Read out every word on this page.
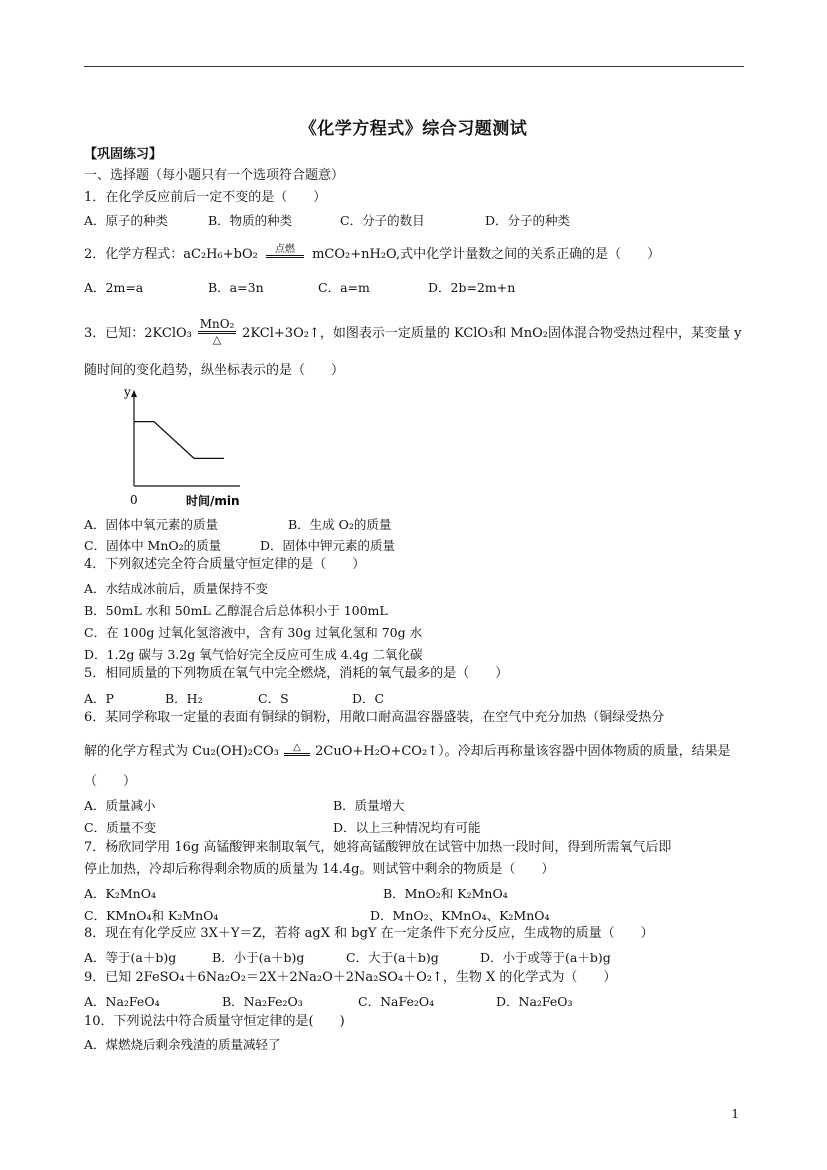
《化学方程式》综合习题测试
【巩固练习】
一、选择题（每小题只有一个选项符合题意）
1．在化学反应前后一定不变的是（　　）
A．原子的种类	B．物质的种类	C．分子的数目	D．分子的种类
2．化学方程式：aC₂H₆+bO₂	点燃	mCO₂+nH₂O,式中化学计量数之间的关系正确的是（　　）
A．2m=a	B．a=3n	C．a=m	D．2b=2m+n
3．已知：2KClO₃
MnO₂
△	2KCl+3O₂↑，如图表示一定质量的 KClO₃和 MnO₂固体混合物受热过程中，某变量 y
随时间的变化趋势，纵坐标表示的是（　　）
y
0	时间/min
A．固体中氧元素的质量	B．生成 O₂的质量
C．固体中 MnO₂的质量	D．固体中钾元素的质量
4．下列叙述完全符合质量守恒定律的是（　　）
A．水结成冰前后，质量保持不变
B．50mL 水和 50mL 乙醇混合后总体积小于 100mL
C．在 100g 过氧化氢溶液中，含有 30g 过氧化氢和 70g 水
D．1.2g 碳与 3.2g 氧气恰好完全反应可生成 4.4g 二氧化碳
5．相同质量的下列物质在氧气中完全燃烧，消耗的氧气最多的是（　　）
A．P	B．H₂	C．S	D．C
6．某同学称取一定量的表面有铜绿的铜粉，用敞口耐高温容器盛装，在空气中充分加热（铜绿受热分
解的化学方程式为 Cu₂(OH)₂CO₃	△	2CuO+H₂O+CO₂↑）。冷却后再称量该容器中固体物质的质量，结果是
（　　）
A．质量减小	B．质量增大
C．质量不变	D．以上三种情况均有可能
7．杨欣同学用 16g 高锰酸钾来制取氧气，她将高锰酸钾放在试管中加热一段时间，得到所需氧气后即
停止加热，冷却后称得剩余物质的质量为 14.4g。则试管中剩余的物质是（　　）
A．K₂MnO₄	B．MnO₂和 K₂MnO₄
C．KMnO₄和 K₂MnO₄	D．MnO₂、KMnO₄、K₂MnO₄
8．现在有化学反应 3X＋Y＝Z，若将 agX 和 bgY 在一定条件下充分反应，生成物的质量（　　）
A．等于(a＋b)g	B．小于(a＋b)g	C．大于(a＋b)g	D．小于或等于(a＋b)g
9．已知 2FeSO₄＋6Na₂O₂＝2X＋2Na₂O＋2Na₂SO₄＋O₂↑，生物 X 的化学式为（　　）
A．Na₂FeO₄	B．Na₂Fe₂O₃	C．NaFe₂O₄	D．Na₂FeO₃
10．下列说法中符合质量守恒定律的是(　　)
A．煤燃烧后剩余残渣的质量减轻了
1
